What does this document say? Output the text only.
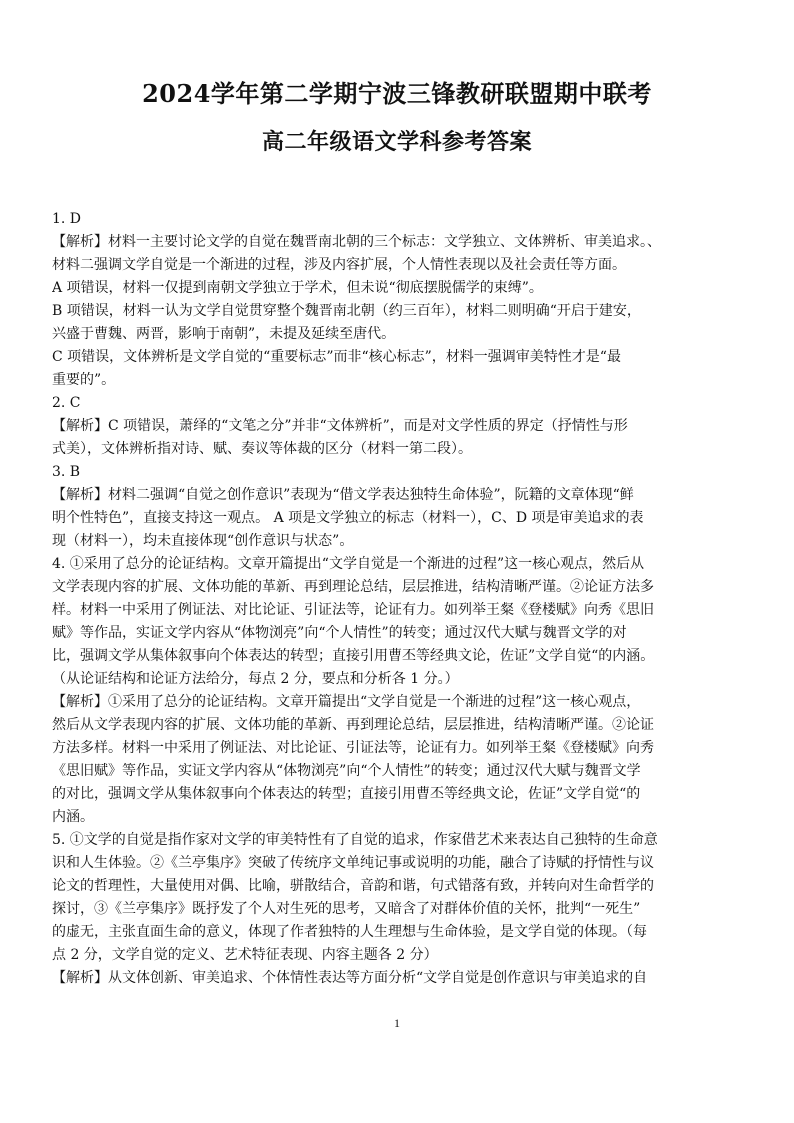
2024学年第二学期宁波三锋教研联盟期中联考
高二年级语文学科参考答案
1. D
【解析】材料一主要讨论文学的自觉在魏晋南北朝的三个标志：文学独立、文体辨析、审美追求。、
材料二强调文学自觉是一个渐进的过程，涉及内容扩展，个人情性表现以及社会责任等方面。
A 项错误，材料一仅提到南朝文学独立于学术，但未说“彻底摆脱儒学的束缚”。
B 项错误，材料一认为文学自觉贯穿整个魏晋南北朝（约三百年），材料二则明确“开启于建安，
兴盛于曹魏、两晋，影响于南朝”，未提及延续至唐代。
C 项错误，文体辨析是文学自觉的“重要标志”而非“核心标志”，材料一强调审美特性才是“最
重要的”。
2. C
【解析】C 项错误，萧绎的“文笔之分”并非“文体辨析”，而是对文学性质的界定（抒情性与形
式美），文体辨析指对诗、赋、奏议等体裁的区分（材料一第二段）。
3. B
【解析】材料二强调“自觉之创作意识”表现为“借文学表达独特生命体验”，阮籍的文章体现“鲜
明个性特色”，直接支持这一观点。 A 项是文学独立的标志（材料一），C、D 项是审美追求的表
现（材料一），均未直接体现“创作意识与状态”。
4. ①采用了总分的论证结构。文章开篇提出“文学自觉是一个渐进的过程”这一核心观点，然后从
文学表现内容的扩展、文体功能的革新、再到理论总结，层层推进，结构清晰严谨。②论证方法多
样。材料一中采用了例证法、对比论证、引证法等，论证有力。如列举王粲《登楼赋》向秀《思旧
赋》等作品，实证文学内容从“体物浏亮”向“个人情性”的转变；通过汉代大赋与魏晋文学的对
比，强调文学从集体叙事向个体表达的转型；直接引用曹丕等经典文论，佐证”文学自觉“的内涵。
（从论证结构和论证方法给分，每点 2 分，要点和分析各 1 分。）
【解析】①采用了总分的论证结构。文章开篇提出“文学自觉是一个渐进的过程”这一核心观点，
然后从文学表现内容的扩展、文体功能的革新、再到理论总结，层层推进，结构清晰严谨。②论证
方法多样。材料一中采用了例证法、对比论证、引证法等，论证有力。如列举王粲《登楼赋》向秀
《思旧赋》等作品，实证文学内容从“体物浏亮”向“个人情性”的转变；通过汉代大赋与魏晋文学
的对比，强调文学从集体叙事向个体表达的转型；直接引用曹丕等经典文论，佐证”文学自觉“的
内涵。
5. ①文学的自觉是指作家对文学的审美特性有了自觉的追求，作家借艺术来表达自己独特的生命意
识和人生体验。②《兰亭集序》突破了传统序文单纯记事或说明的功能，融合了诗赋的抒情性与议
论文的哲理性，大量使用对偶、比喻，骈散结合，音韵和谐，句式错落有致，并转向对生命哲学的
探讨，③《兰亭集序》既抒发了个人对生死的思考，又暗含了对群体价值的关怀，批判“一死生”
的虚无，主张直面生命的意义，体现了作者独特的人生理想与生命体验，是文学自觉的体现。（每
点 2 分，文学自觉的定义、艺术特征表现、内容主题各 2 分）
【解析】从文体创新、审美追求、个体情性表达等方面分析“文学自觉是创作意识与审美追求的自
1
